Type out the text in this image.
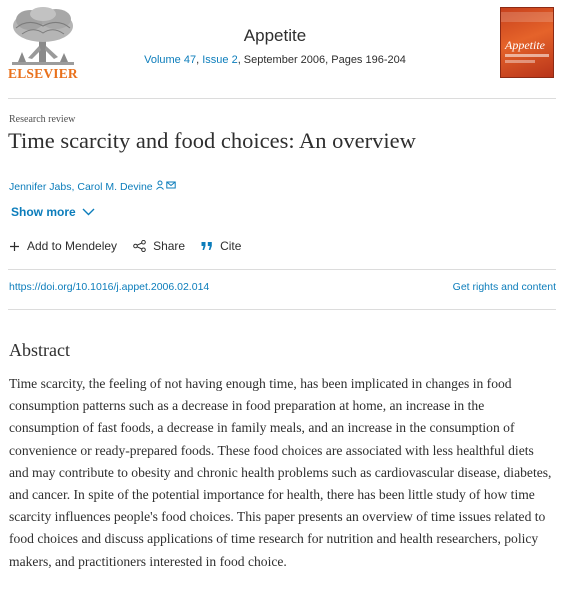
ELSEVIER
Appetite
Volume 47, Issue 2, September 2006, Pages 196-204
Appetite
Research review
Time scarcity and food choices: An overview
Jennifer Jabs , Carol M. Devine
Show more
Add to Mendeley	Share	Cite
https://doi.org/10.1016/j.appet.2006.02.014	Get rights and content
Abstract

Time scarcity, the feeling of not having enough time, has been implicated in changes in food consumption patterns such as a decrease in food preparation at home, an increase in the consumption of fast foods, a decrease in family meals, and an increase in the consumption of convenience or ready-prepared foods. These food choices are associated with less healthful diets and may contribute to obesity and chronic health problems such as cardiovascular disease, diabetes, and cancer. In spite of the potential importance for health, there has been little study of how time scarcity influences people's food choices. This paper presents an overview of time issues related to food choices and discuss applications of time research for nutrition and health researchers, policy makers, and practitioners interested in food choice.
